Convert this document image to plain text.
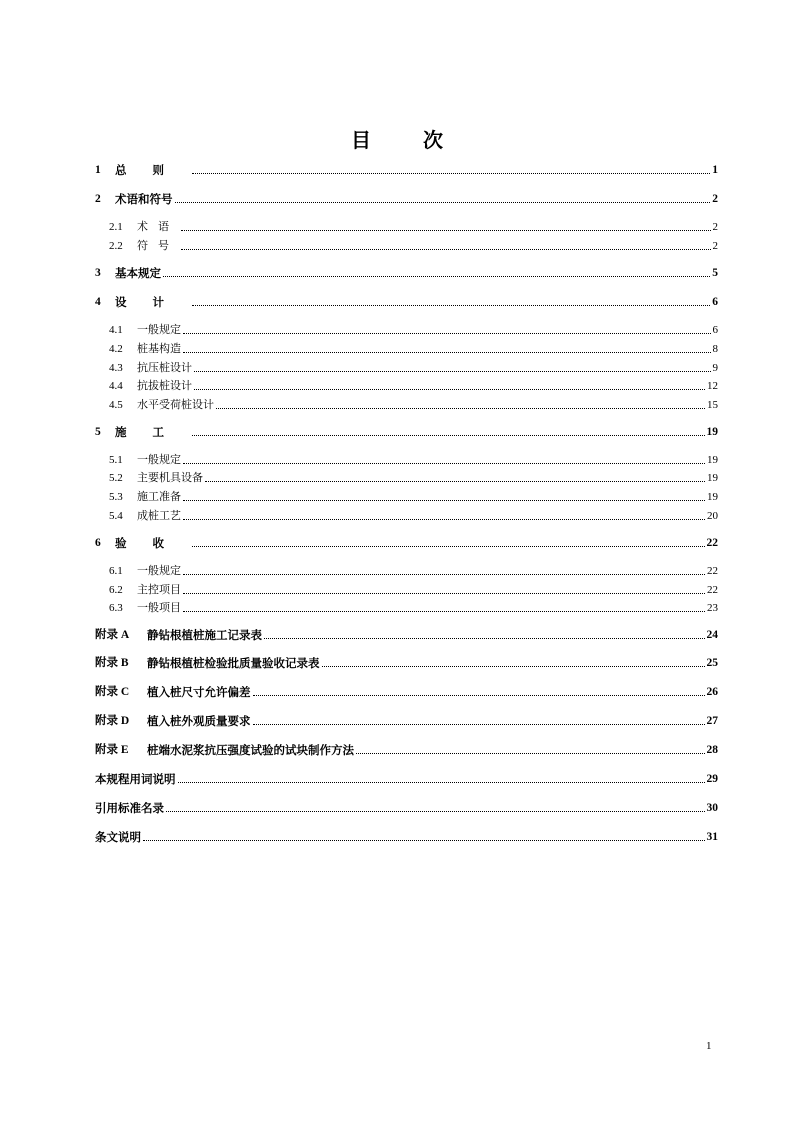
目	次
1	总则	1
2	术语和符号	2
2.1	术语	2
2.2	符号	2
3	基本规定	5
4	设计	6
4.1	一般规定	6
4.2	桩基构造	8
4.3	抗压桩设计	9
4.4	抗拔桩设计	12
4.5	水平受荷桩设计	15
5	施工	19
5.1	一般规定	19
5.2	主要机具设备	19
5.3	施工准备	19
5.4	成桩工艺	20
6	验收	22
6.1	一般规定	22
6.2	主控项目	22
6.3	一般项目	23
附录 A	静钻根植桩施工记录表	24
附录 B	静钻根植桩检验批质量验收记录表	25
附录 C	植入桩尺寸允许偏差	26
附录 D	植入桩外观质量要求	27
附录 E	桩端水泥浆抗压强度试验的试块制作方法	28
本规程用词说明	29
引用标准名录	30
条文说明	31
1
